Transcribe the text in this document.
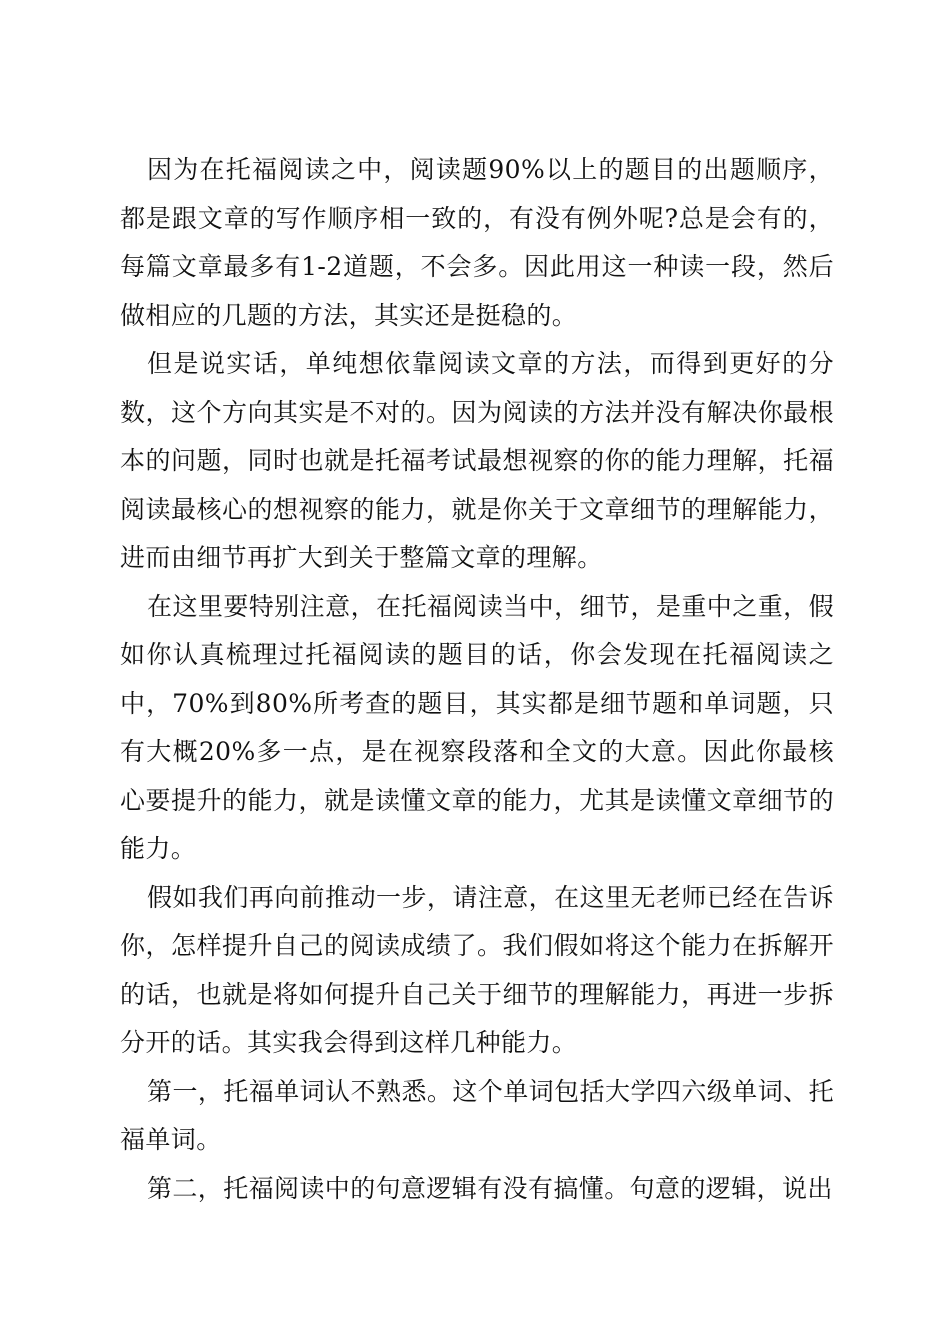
因为在托福阅读之中，阅读题90%以上的题目的出题顺序，都是跟文章的写作顺序相一致的，有没有例外呢?总是会有的，每篇文章最多有1-2道题，不会多。因此用这一种读一段，然后做相应的几题的方法，其实还是挺稳的。

但是说实话，单纯想依靠阅读文章的方法，而得到更好的分数，这个方向其实是不对的。因为阅读的方法并没有解决你最根本的问题，同时也就是托福考试最想视察的你的能力理解，托福阅读最核心的想视察的能力，就是你关于文章细节的理解能力，进而由细节再扩大到关于整篇文章的理解。

在这里要特别注意，在托福阅读当中，细节，是重中之重，假如你认真梳理过托福阅读的题目的话，你会发现在托福阅读之中，70%到80%所考查的题目，其实都是细节题和单词题，只有大概20%多一点，是在视察段落和全文的大意。因此你最核心要提升的能力，就是读懂文章的能力，尤其是读懂文章细节的能力。

假如我们再向前推动一步，请注意，在这里无老师已经在告诉你，怎样提升自己的阅读成绩了。我们假如将这个能力在拆解开的话，也就是将如何提升自己关于细节的理解能力，再进一步拆分开的话。其实我会得到这样几种能力。

第一，托福单词认不熟悉。这个单词包括大学四六级单词、托福单词。

第二，托福阅读中的句意逻辑有没有搞懂。句意的逻辑，说出
